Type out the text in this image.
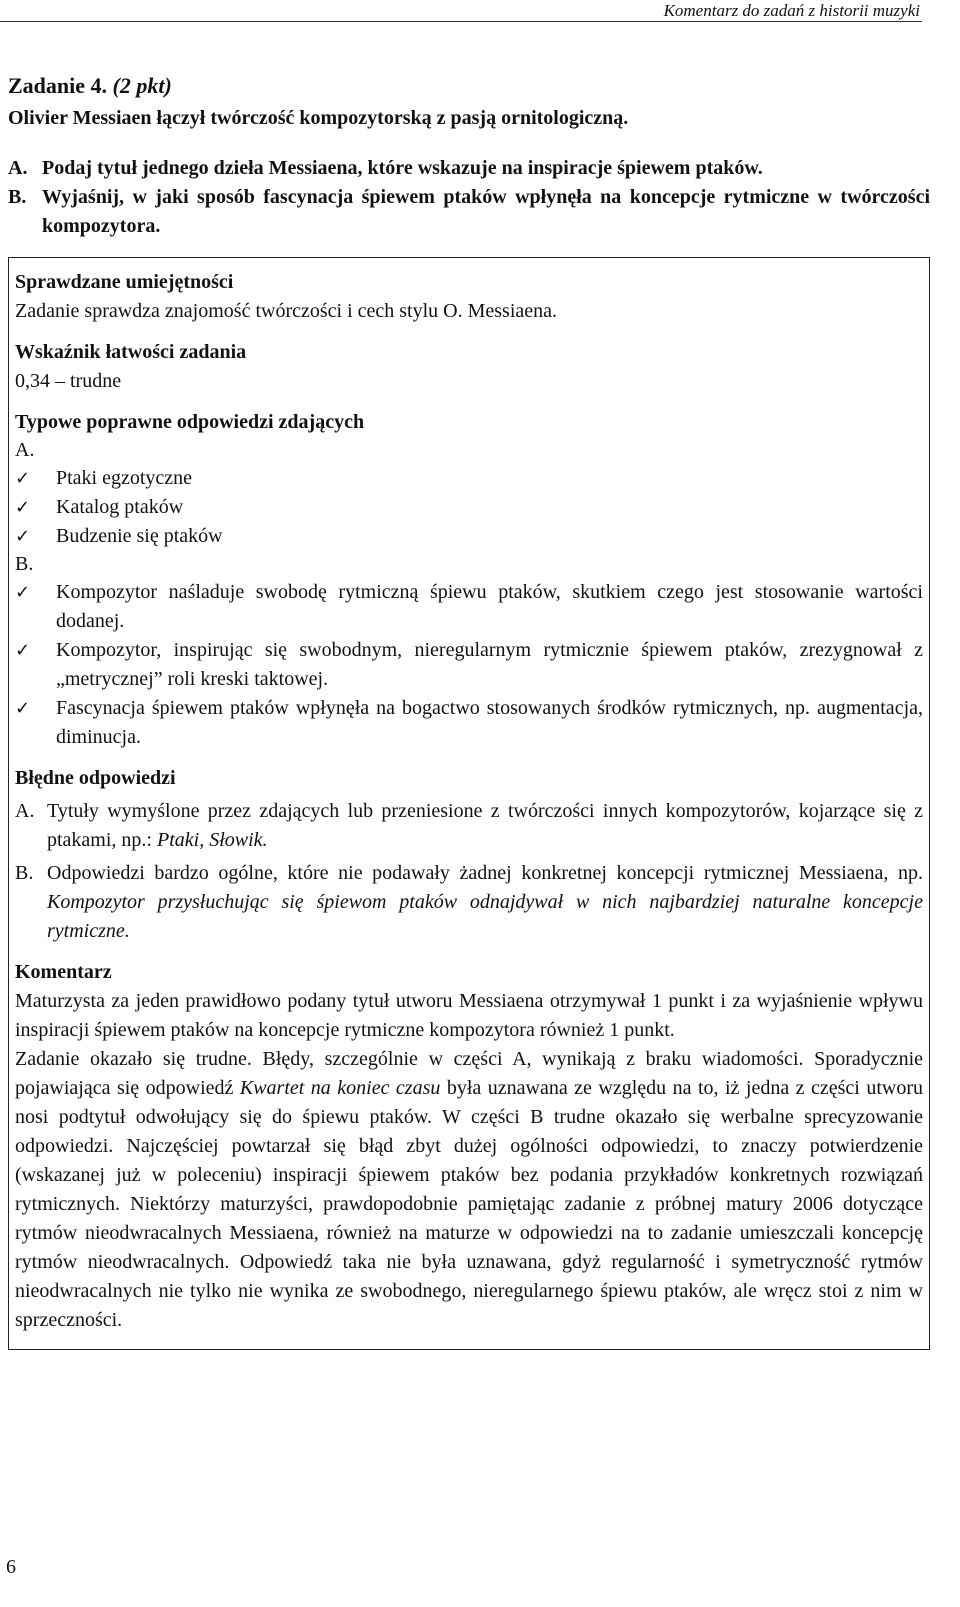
Komentarz do zadań z historii muzyki
Zadanie 4. (2 pkt)
Olivier Messiaen łączył twórczość kompozytorską z pasją ornitologiczną.
A. Podaj tytuł jednego dzieła Messiaena, które wskazuje na inspiracje śpiewem ptaków.
B. Wyjaśnij, w jaki sposób fascynacja śpiewem ptaków wpłynęła na koncepcje rytmiczne w twórczości kompozytora.
Sprawdzane umiejętności
Zadanie sprawdza znajomość twórczości i cech stylu O. Messiaena.
Wskaźnik łatwości zadania
0,34 – trudne
Typowe poprawne odpowiedzi zdających
A.
✓	Ptaki egzotyczne
✓	Katalog ptaków
✓	Budzenie się ptaków
B.
✓	Kompozytor naśladuje swobodę rytmiczną śpiewu ptaków, skutkiem czego jest stosowanie wartości dodanej.
✓	Kompozytor, inspirując się swobodnym, nieregularnym rytmicznie śpiewem ptaków, zrezygnował z „metrycznej” roli kreski taktowej.
✓	Fascynacja śpiewem ptaków wpłynęła na bogactwo stosowanych środków rytmicznych, np. augmentacja, diminucja.
Błędne odpowiedzi
A. Tytuły wymyślone przez zdających lub przeniesione z twórczości innych kompozytorów, kojarzące się z ptakami, np.: Ptaki, Słowik.
B. Odpowiedzi bardzo ogólne, które nie podawały żadnej konkretnej koncepcji rytmicznej Messiaena, np. Kompozytor przysłuchując się śpiewom ptaków odnajdywał w nich najbardziej naturalne koncepcje rytmiczne.
Komentarz
Maturzysta za jeden prawidłowo podany tytuł utworu Messiaena otrzymywał 1 punkt i za wyjaśnienie wpływu inspiracji śpiewem ptaków na koncepcje rytmiczne kompozytora również 1 punkt.
Zadanie okazało się trudne. Błędy, szczególnie w części A, wynikają z braku wiadomości. Sporadycznie pojawiająca się odpowiedź Kwartet na koniec czasu była uznawana ze względu na to, iż jedna z części utworu nosi podtytuł odwołujący się do śpiewu ptaków. W części B trudne okazało się werbalne sprecyzowanie odpowiedzi. Najczęściej powtarzał się błąd zbyt dużej ogólności odpowiedzi, to znaczy potwierdzenie (wskazanej już w poleceniu) inspiracji śpiewem ptaków bez podania przykładów konkretnych rozwiązań rytmicznych. Niektórzy maturzyści, prawdopodobnie pamiętając zadanie z próbnej matury 2006 dotyczące rytmów nieodwracalnych Messiaena, również na maturze w odpowiedzi na to zadanie umieszczali koncepcję rytmów nieodwracalnych. Odpowiedź taka nie była uznawana, gdyż regularność i symetryczność rytmów nieodwracalnych nie tylko nie wynika ze swobodnego, nieregularnego śpiewu ptaków, ale wręcz stoi z nim w sprzeczności.
6
